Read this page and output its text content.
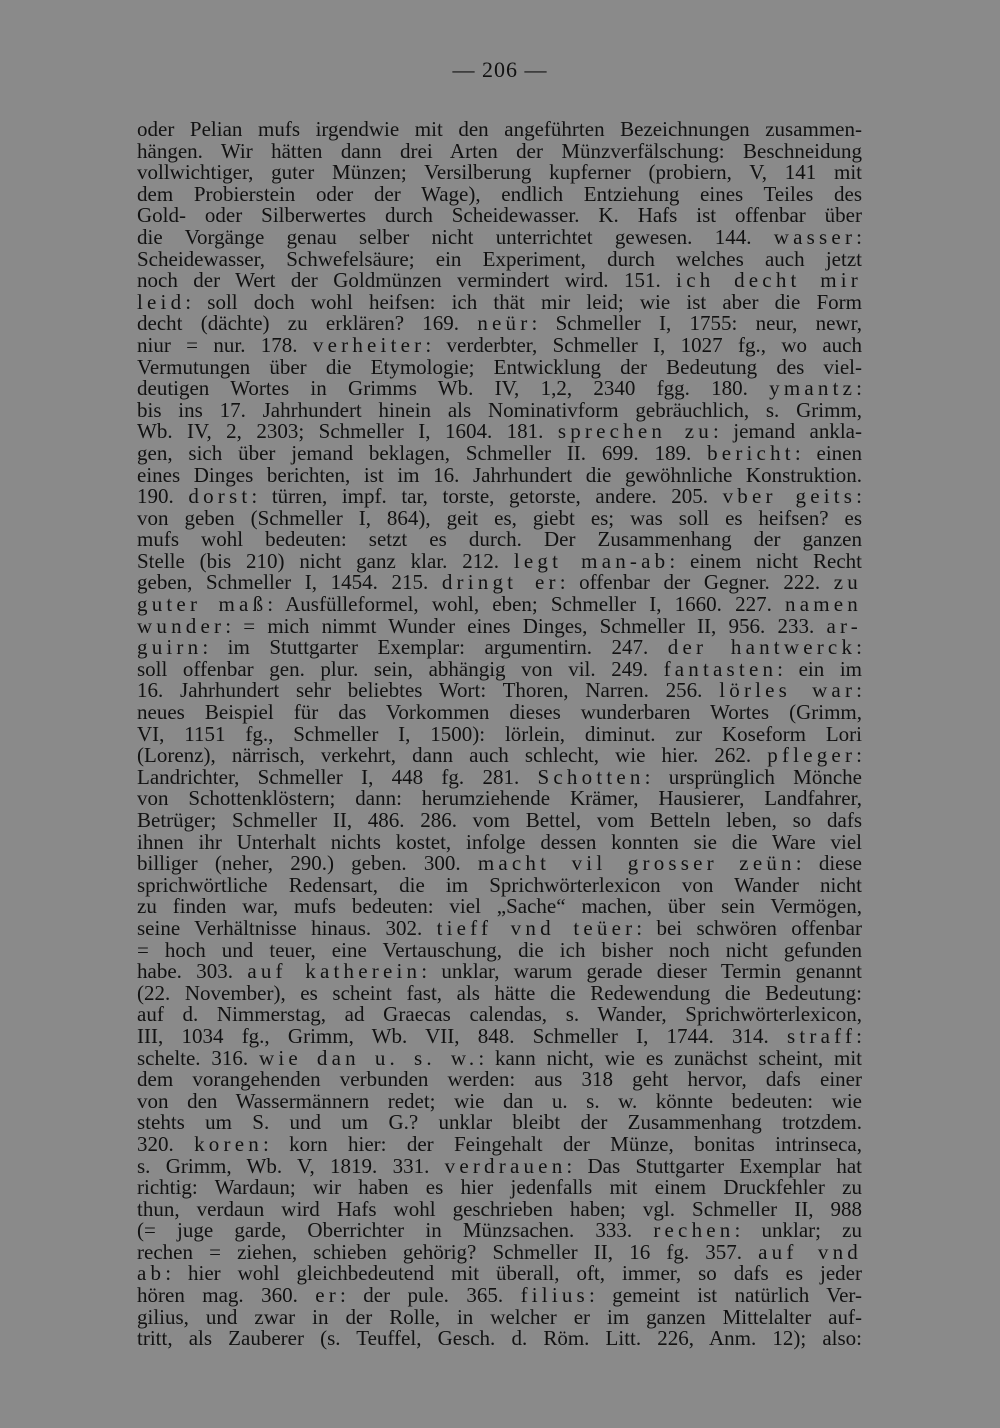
— 206 —
oder Pelian mufs irgendwie mit den angeführten Bezeichnungen zusammen-
hängen. Wir hätten dann drei Arten der Münzverfälschung: Beschneidung
vollwichtiger, guter Münzen; Versilberung kupferner (probiern, V, 141 mit
dem Probierstein oder der Wage), endlich Entziehung eines Teiles des
Gold- oder Silberwertes durch Scheidewasser. K. Hafs ist offenbar über
die Vorgänge genau selber nicht unterrichtet gewesen. 144. wasser:
Scheidewasser, Schwefelsäure; ein Experiment, durch welches auch jetzt
noch der Wert der Goldmünzen vermindert wird. 151. ich decht mir
leid: soll doch wohl heifsen: ich thät mir leid; wie ist aber die Form
decht (dächte) zu erklären? 169. neür: Schmeller I, 1755: neur, newr,
niur = nur. 178. verheiter: verderbter, Schmeller I, 1027 fg., wo auch
Vermutungen über die Etymologie; Entwicklung der Bedeutung des viel-
deutigen Wortes in Grimms Wb. IV, 1,2, 2340 fgg. 180. ymantz:
bis ins 17. Jahrhundert hinein als Nominativform gebräuchlich, s. Grimm,
Wb. IV, 2, 2303; Schmeller I, 1604. 181. sprechen zu: jemand ankla-
gen, sich über jemand beklagen, Schmeller II. 699. 189. bericht: einen
eines Dinges berichten, ist im 16. Jahrhundert die gewöhnliche Konstruktion.
190. dorst: türren, impf. tar, torste, getorste, andere. 205. vber geits:
von geben (Schmeller I, 864), geit es, giebt es; was soll es heifsen? es
mufs wohl bedeuten: setzt es durch. Der Zusammenhang der ganzen
Stelle (bis 210) nicht ganz klar. 212. legt man-ab: einem nicht Recht
geben, Schmeller I, 1454. 215. dringt er: offenbar der Gegner. 222. zu
guter maß: Ausfülleformel, wohl, eben; Schmeller I, 1660. 227. namen
wunder: = mich nimmt Wunder eines Dinges, Schmeller II, 956. 233. ar-
guirn: im Stuttgarter Exemplar: argumentirn. 247. der hantwerck:
soll offenbar gen. plur. sein, abhängig von vil. 249. fantasten: ein im
16. Jahrhundert sehr beliebtes Wort: Thoren, Narren. 256. lörles war:
neues Beispiel für das Vorkommen dieses wunderbaren Wortes (Grimm,
VI, 1151 fg., Schmeller I, 1500): lörlein, diminut. zur Koseform Lori
(Lorenz), närrisch, verkehrt, dann auch schlecht, wie hier. 262. pfleger:
Landrichter, Schmeller I, 448 fg. 281. Schotten: ursprünglich Mönche
von Schottenklöstern; dann: herumziehende Krämer, Hausierer, Landfahrer,
Betrüger; Schmeller II, 486. 286. vom Bettel, vom Betteln leben, so dafs
ihnen ihr Unterhalt nichts kostet, infolge dessen konnten sie die Ware viel
billiger (neher, 290.) geben. 300. macht vil grosser zeün: diese
sprichwörtliche Redensart, die im Sprichwörterlexicon von Wander nicht
zu finden war, mufs bedeuten: viel „Sache“ machen, über sein Vermögen,
seine Verhältnisse hinaus. 302. tieff vnd teüer: bei schwören offenbar
= hoch und teuer, eine Vertauschung, die ich bisher noch nicht gefunden
habe. 303. auf katherein: unklar, warum gerade dieser Termin genannt
(22. November), es scheint fast, als hätte die Redewendung die Bedeutung:
auf d. Nimmerstag, ad Graecas calendas, s. Wander, Sprichwörterlexicon,
III, 1034 fg., Grimm, Wb. VII, 848. Schmeller I, 1744. 314. straff:
schelte. 316. wie dan u. s. w.: kann nicht, wie es zunächst scheint, mit
dem vorangehenden verbunden werden: aus 318 geht hervor, dafs einer
von den Wassermännern redet; wie dan u. s. w. könnte bedeuten: wie
stehts um S. und um G.? unklar bleibt der Zusammenhang trotzdem.
320. koren: korn hier: der Feingehalt der Münze, bonitas intrinseca,
s. Grimm, Wb. V, 1819. 331. verdrauen: Das Stuttgarter Exemplar hat
richtig: Wardaun; wir haben es hier jedenfalls mit einem Druckfehler zu
thun, verdaun wird Hafs wohl geschrieben haben; vgl. Schmeller II, 988
(= juge garde, Oberrichter in Münzsachen. 333. rechen: unklar; zu
rechen = ziehen, schieben gehörig? Schmeller II, 16 fg. 357. auf vnd
ab: hier wohl gleichbedeutend mit überall, oft, immer, so dafs es jeder
hören mag. 360. er: der pule. 365. filius: gemeint ist natürlich Ver-
gilius, und zwar in der Rolle, in welcher er im ganzen Mittelalter auf-
tritt, als Zauberer (s. Teuffel, Gesch. d. Röm. Litt. 226, Anm. 12); also:
